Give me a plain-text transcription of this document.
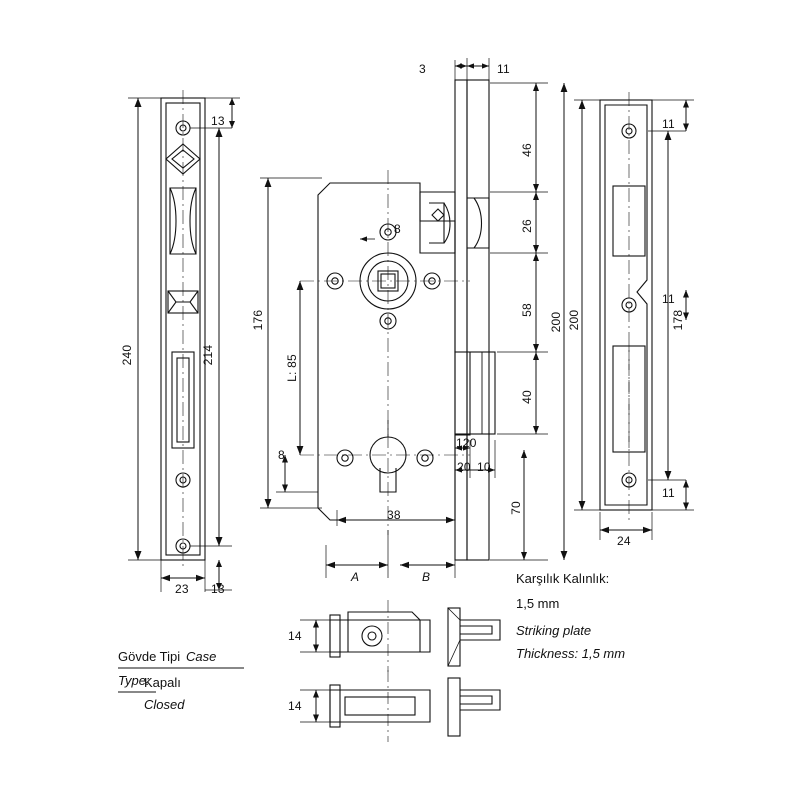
240	214
13
13
23
176
L: 85
8
8
38
A	B
3	11
46
26
58
40
70
200
120
20 10
200	178
11
11
11
24
14
14
Karşılık Kalınlık:
1,5 mm
Striking plate
Thickness: 1,5 mm
Gövde Tipi Case
Type:
Kapalı
Closed
